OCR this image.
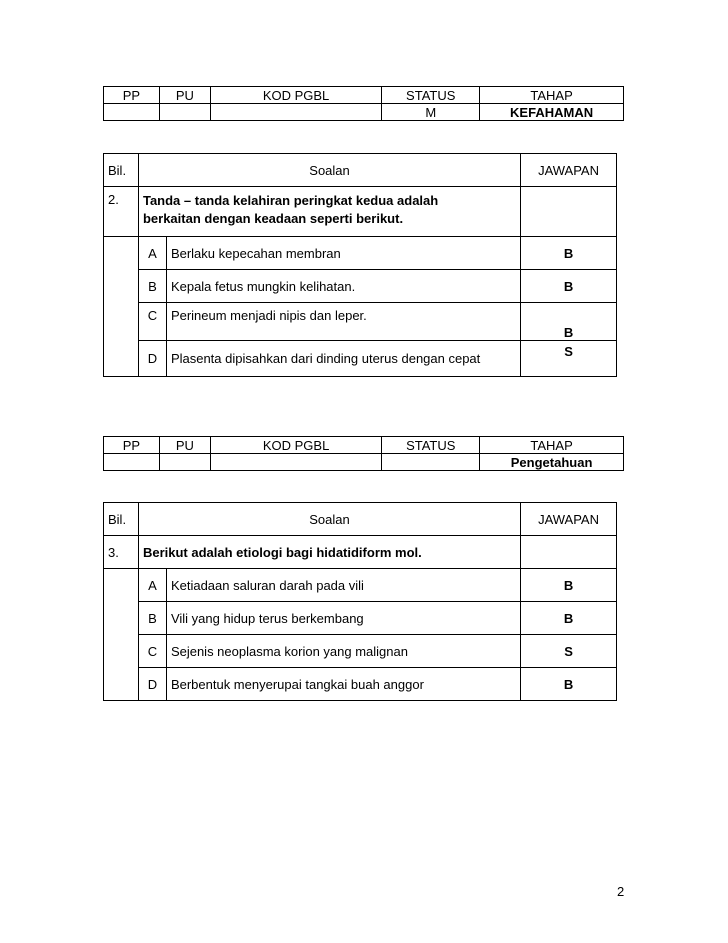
PP	PU	KOD PGBL	STATUS	TAHAP
			M	KEFAHAMAN
Bil.	Soalan		JAWAPAN
2.	Tanda – tanda kelahiran peringkat kedua adalah berkaitan dengan keadaan seperti berikut.		
	A	Berlaku kepecahan membran	B
	B	Kepala fetus mungkin kelihatan.	B
	C	Perineum menjadi nipis dan leper.	B
	D	Plasenta dipisahkan dari dinding uterus dengan cepat	S
PP	PU	KOD PGBL	STATUS	TAHAP
				Pengetahuan
Bil.	Soalan		JAWAPAN
3.	Berikut adalah etiologi bagi hidatidiform mol.		
	A	Ketiadaan saluran darah pada vili	B
	B	Vili yang hidup terus berkembang	B
	C	Sejenis neoplasma korion yang malignan	S
	D	Berbentuk menyerupai tangkai buah anggor	B
2
